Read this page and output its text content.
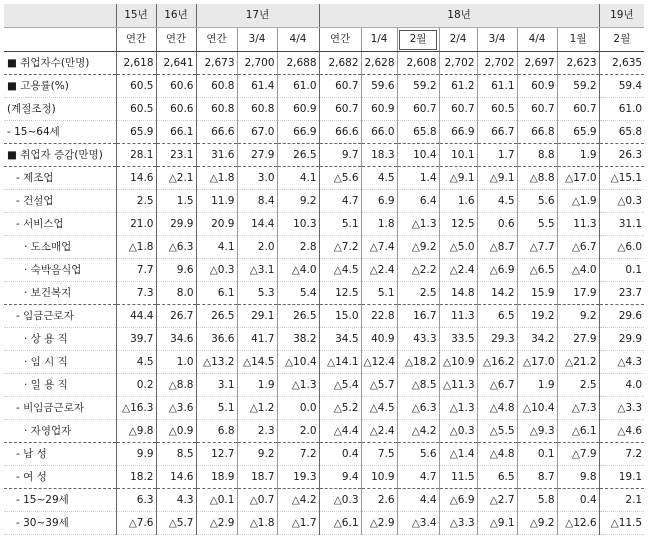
	15년	16년	17년			18년							19년
	연간	연간	연간	3/4	4/4	연간	1/4	2월	2/4	3/4	4/4	1월	2월
■ 취업자수(만명)	2,618	2,641	2,673	2,700	2,688	2,682	2,628	2,608	2,702	2,702	2,697	2,623	2,635
■ 고용률(%)	60.5	60.6	60.8	61.4	61.0	60.7	59.6	59.2	61.2	61.1	60.9	59.2	59.4
(계절조정)	60.5	60.6	60.8	60.8	60.9	60.7	60.9	60.7	60.7	60.5	60.7	60.7	61.0
- 15~64세	65.9	66.1	66.6	67.0	66.9	66.6	66.0	65.8	66.9	66.7	66.8	65.9	65.8
■ 취업자 증감(만명)	28.1	23.1	31.6	27.9	26.5	9.7	18.3	10.4	10.1	1.7	8.8	1.9	26.3
- 제조업	14.6	△2.1	△1.8	3.0	4.1	△5.6	4.5	1.4	△9.1	△9.1	△8.8	△17.0	△15.1
- 건설업	2.5	1.5	11.9	8.4	9.2	4.7	6.9	6.4	1.6	4.5	5.6	△1.9	△0.3
- 서비스업	21.0	29.9	20.9	14.4	10.3	5.1	1.8	△1.3	12.5	0.6	5.5	11.3	31.1
· 도소매업	△1.8	△6.3	4.1	2.0	2.8	△7.2	△7.4	△9.2	△5.0	△8.7	△7.7	△6.7	△6.0
· 숙박음식업	7.7	9.6	△0.3	△3.1	△4.0	△4.5	△2.4	△2.2	△2.4	△6.9	△6.5	△4.0	0.1
· 보건복지	7.3	8.0	6.1	5.3	5.4	12.5	5.1	2.5	14.8	14.2	15.9	17.9	23.7
- 임금근로자	44.4	26.7	26.5	29.1	26.5	15.0	22.8	16.7	11.3	6.5	19.2	9.2	29.6
· 상 용 직	39.7	34.6	36.6	41.7	38.2	34.5	40.9	43.3	33.5	29.3	34.2	27.9	29.9
· 임 시 직	4.5	1.0	△13.2	△14.5	△10.4	△14.1	△12.4	△18.2	△10.9	△16.2	△17.0	△21.2	△4.3
· 일 용 직	0.2	△8.8	3.1	1.9	△1.3	△5.4	△5.7	△8.5	△11.3	△6.7	1.9	2.5	4.0
- 비임금근로자	△16.3	△3.6	5.1	△1.2	0.0	△5.2	△4.5	△6.3	△1.3	△4.8	△10.4	△7.3	△3.3
· 자영업자	△9.8	△0.9	6.8	2.3	2.0	△4.4	△2.4	△4.2	△0.3	△5.5	△9.3	△6.1	△4.6
- 남 성	9.9	8.5	12.7	9.2	7.2	0.4	7.5	5.6	△1.4	△4.8	0.1	△7.9	7.2
- 여 성	18.2	14.6	18.9	18.7	19.3	9.4	10.9	4.7	11.5	6.5	8.7	9.8	19.1
- 15~29세	6.3	4.3	△0.1	△0.7	△4.2	△0.3	2.6	4.4	△6.9	△2.7	5.8	0.4	2.1
- 30~39세	△7.6	△5.7	△2.9	△1.8	△1.7	△6.1	△2.9	△3.4	△3.3	△9.1	△9.2	△12.6	△11.5
